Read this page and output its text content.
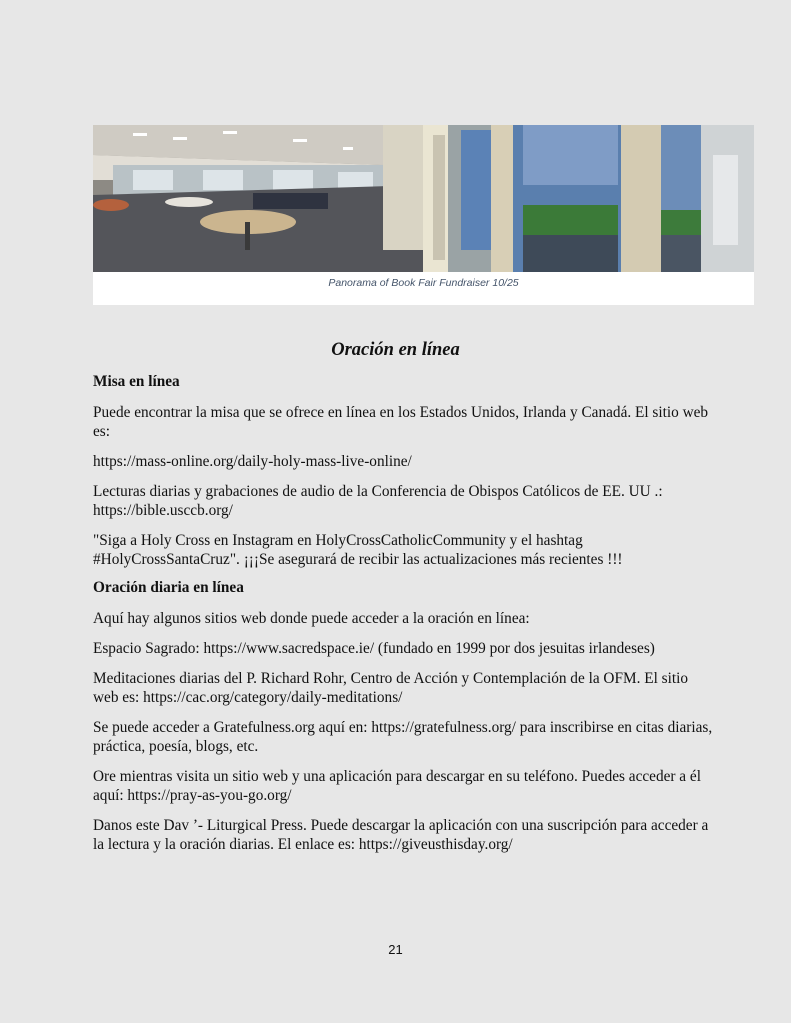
Panorama of Book Fair Fundraiser 10/25
Oración en línea
Misa en línea

Puede encontrar la misa que se ofrece en línea en los Estados Unidos, Irlanda y Canadá. El sitio web es:

https://mass-online.org/daily-holy-mass-live-online/

Lecturas diarias y grabaciones de audio de la Conferencia de Obispos Católicos de EE. UU .: https://bible.usccb.org/

"Siga a Holy Cross en Instagram en HolyCrossCatholicCommunity y el hashtag #HolyCrossSantaCruz". ¡¡¡Se asegurará de recibir las actualizaciones más recientes !!!

Oración diaria en línea

Aquí hay algunos sitios web donde puede acceder a la oración en línea:

Espacio Sagrado: https://www.sacredspace.ie/ (fundado en 1999 por dos jesuitas irlandeses)

Meditaciones diarias del P. Richard Rohr, Centro de Acción y Contemplación de la OFM. El sitio web es: https://cac.org/category/daily-meditations/

Se puede acceder a Gratefulness.org aquí en: https://gratefulness.org/ para inscribirse en citas diarias, práctica, poesía, blogs, etc.

Ore mientras visita un sitio web y una aplicación para descargar en su teléfono. Puedes acceder a él aquí: https://pray-as-you-go.org/

Danos este Dav ’- Liturgical Press. Puede descargar la aplicación con una suscripción para acceder a la lectura y la oración diarias. El enlace es: https://giveusthisday.org/

21
